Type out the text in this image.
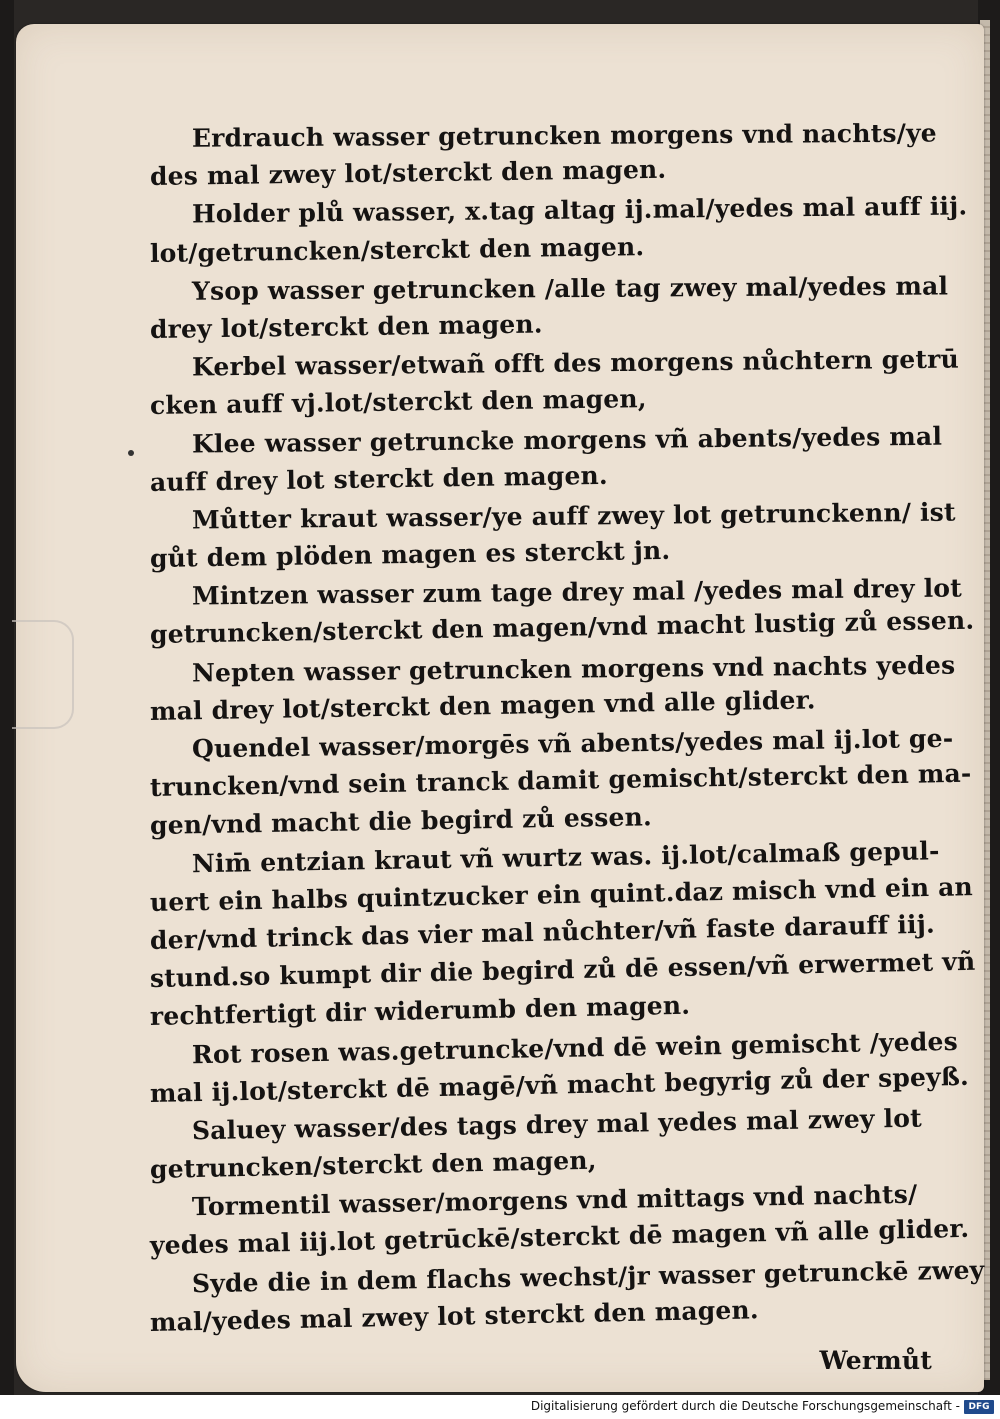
Erdrauch wasser getruncken morgens vnd nachts/ye
des mal zwey lot/sterckt den magen.
Holder plů wasser, x.tag altag ij.mal/yedes mal auff iij.
lot/getruncken/sterckt den magen.
Ysop wasser getruncken /alle tag zwey mal/yedes mal
drey lot/sterckt den magen.
Kerbel wasser/etwañ offt des morgens nůchtern getrū
cken auff vj.lot/sterckt den magen,
Klee wasser getruncke morgens vñ abents/yedes mal
auff drey lot sterckt den magen.
Můtter kraut wasser/ye auff zwey lot getrunckenn/ ist
gůt dem plöden magen es sterckt jn.
Mintzen wasser zum tage drey mal /yedes mal drey lot
getruncken/sterckt den magen/vnd macht lustig zů essen.
Nepten wasser getruncken morgens vnd nachts yedes
mal drey lot/sterckt den magen vnd alle glider.
Quendel wasser/morgēs vñ abents/yedes mal ij.lot ge-
truncken/vnd sein tranck damit gemischt/sterckt den ma-
gen/vnd macht die begird zů essen.
Nim̄ entzian kraut vñ wurtz was. ij.lot/calmaß gepul-
uert ein halbs quintzucker ein quint.daz misch vnd ein an
der/vnd trinck das vier mal nůchter/vñ faste darauff iij.
stund.so kumpt dir die begird zů dē essen/vñ erwermet vñ
rechtfertigt dir widerumb den magen.
Rot rosen was.getruncke/vnd dē wein gemischt /yedes
mal ij.lot/sterckt dē magē/vñ macht begyrig zů der speyß.
Saluey wasser/des tags drey mal yedes mal zwey lot
getruncken/sterckt den magen,
Tormentil wasser/morgens vnd mittags vnd nachts/
yedes mal iij.lot getrūckē/sterckt dē magen vñ alle glider.
Syde die in dem flachs wechst/jr wasser getrunckē zwey
mal/yedes mal zwey lot sterckt den magen.
Wermůt
Digitalisierung gefördert durch die Deutsche Forschungsgemeinschaft - DFG
